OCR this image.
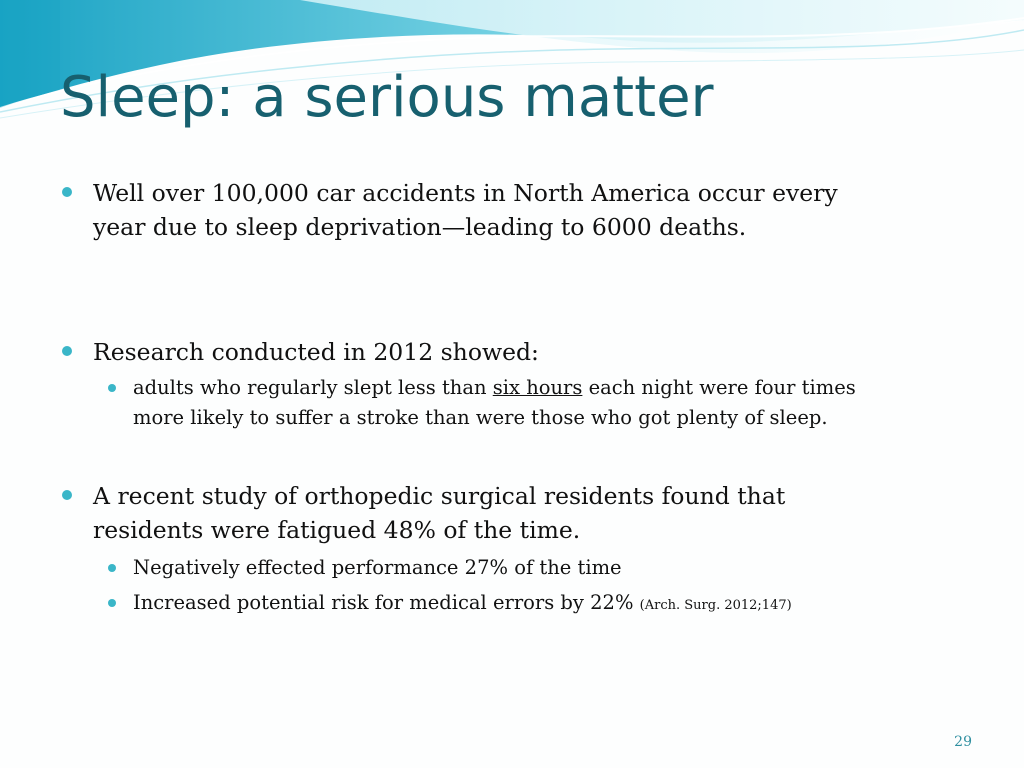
Sleep: a serious matter
Well over 100,000 car accidents in North America occur every year due to sleep deprivation—leading to 6000 deaths.
Research conducted in 2012 showed:
adults who regularly slept less than six hours each night were four times more likely to suffer a stroke than were those who got plenty of sleep.
A recent study of orthopedic surgical residents found that residents were fatigued 48% of the time.
Negatively effected performance 27% of the time
Increased potential risk for medical errors by 22% (Arch. Surg. 2012;147)
29
